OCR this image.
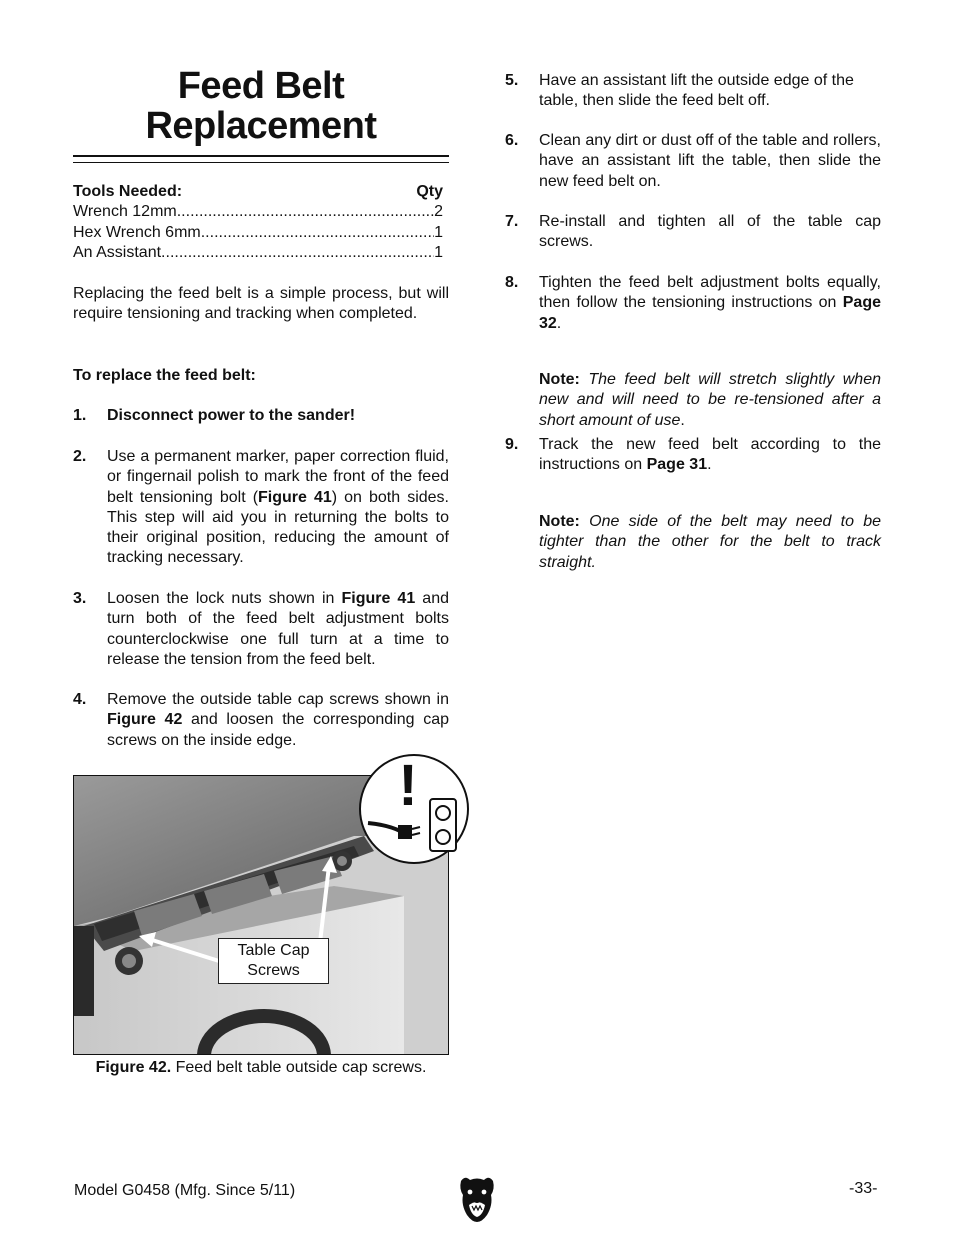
Feed Belt
Replacement
Tools Needed:	Qty
Wrench 12mm .....	2
Hex Wrench 6mm .....	1
An Assistant .....	1

Replacing the feed belt is a simple process, but will require tensioning and tracking when completed.

To replace the feed belt:

1.	Disconnect power to the sander!
2.	Use a permanent marker, paper correction fluid, or fingernail polish to mark the front of the feed belt tensioning bolt (Figure 41) on both sides. This step will aid you in returning the bolts to their original position, reducing the amount of tracking necessary.
3.	Loosen the lock nuts shown in Figure 41 and turn both of the feed belt adjustment bolts counterclockwise one full turn at a time to release the tension from the feed belt.
4.	Remove the outside table cap screws shown in Figure 42 and loosen the corresponding cap screws on the inside edge.
Table Cap
Screws
!
Figure 42. Feed belt table outside cap screws.
5.	Have an assistant lift the outside edge of the table, then slide the feed belt off.
6.	Clean any dirt or dust off of the table and rollers, have an assistant lift the table, then slide the new feed belt on.
7.	Re-install and tighten all of the table cap screws.
8.	Tighten the feed belt adjustment bolts equally, then follow the tensioning instructions on Page 32.

Note: The feed belt will stretch slightly when new and will need to be re-tensioned after a short amount of use.

9.	Track the new feed belt according to the instructions on Page 31.

Note: One side of the belt may need to be tighter than the other for the belt to track straight.

Model G0458 (Mfg. Since 5/11)	-33-
